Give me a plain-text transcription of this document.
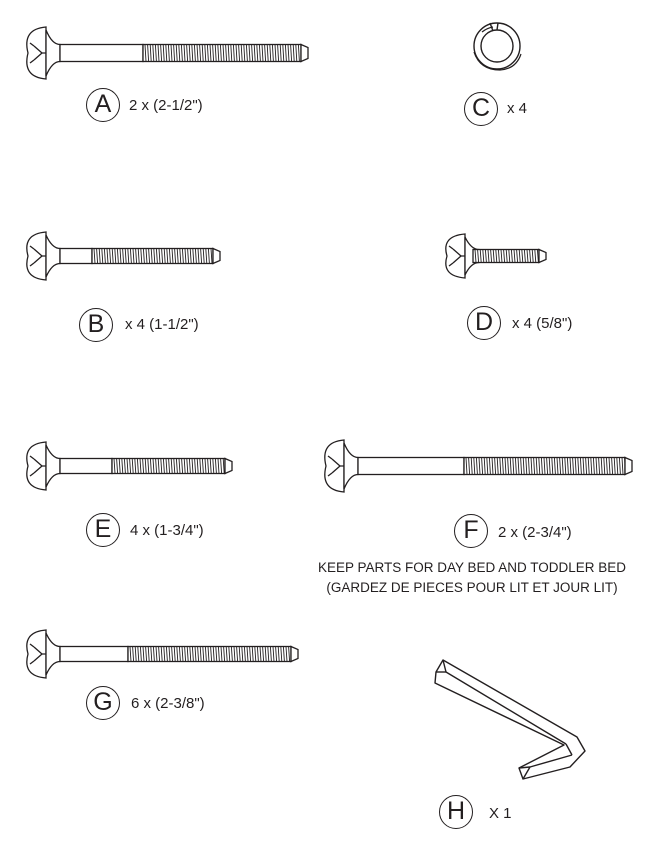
A	2 x (2-1/2")	C	x 4
B	x 4 (1-1/2")	D	x 4 (5/8")
E	4 x (1-3/4")	F	2 x (2-3/4")
KEEP PARTS FOR DAY BED AND TODDLER BED
(GARDEZ DE PIECES POUR LIT ET JOUR LIT)
G	6 x (2-3/8")
H	X 1
